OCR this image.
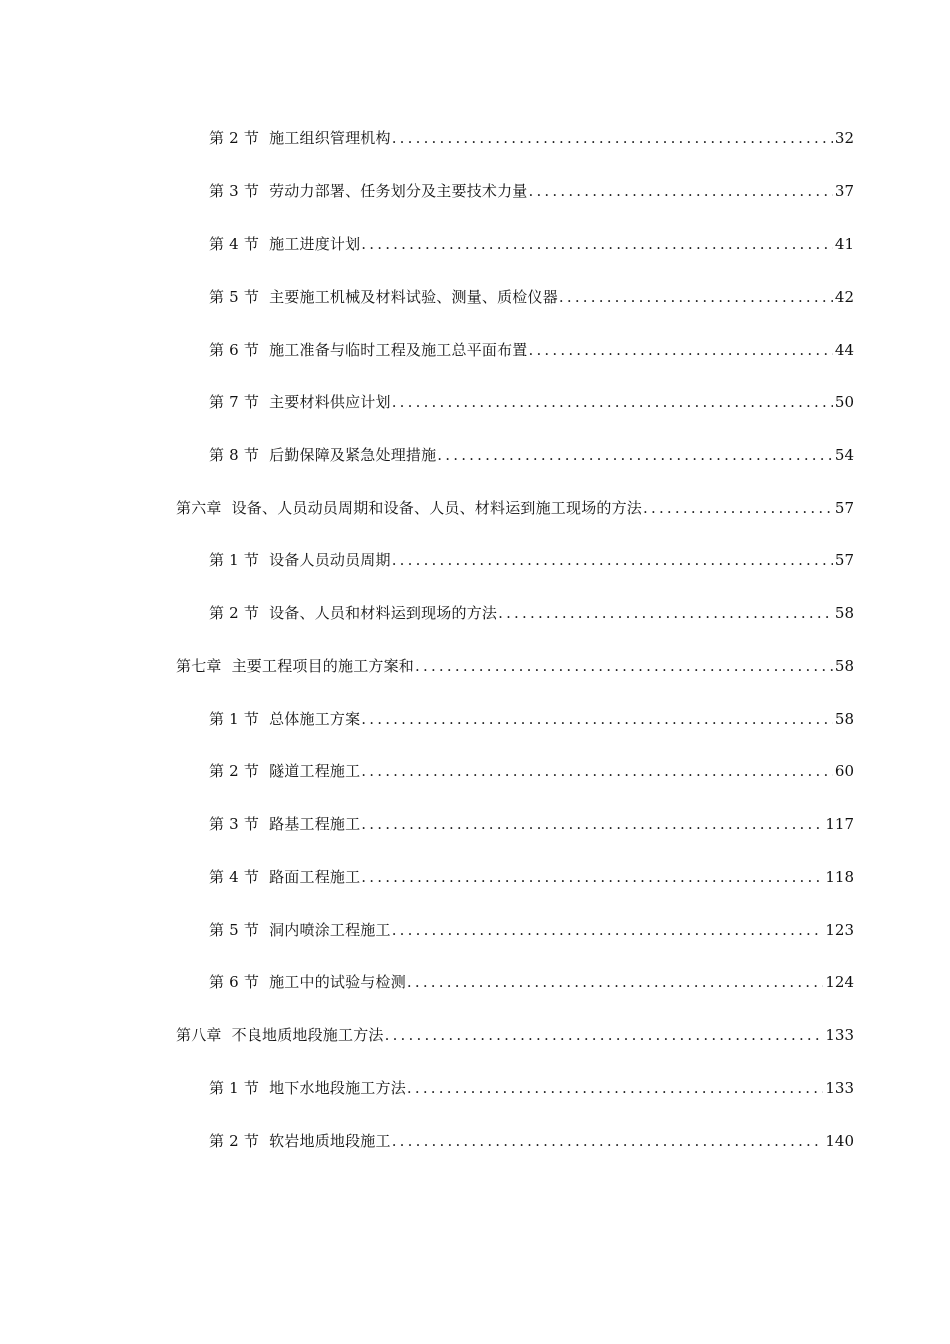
第 2 节 施工组织管理机构 .....	32
第 3 节 劳动力部署、任务划分及主要技术力量 .....	37
第 4 节 施工进度计划 .....	41
第 5 节 主要施工机械及材料试验、测量、质检仪器 .....	42
第 6 节 施工准备与临时工程及施工总平面布置 .....	44
第 7 节 主要材料供应计划 .....	50
第 8 节 后勤保障及紧急处理措施 .....	54
第六章 设备、人员动员周期和设备、人员、材料运到施工现场的方法 .....	57
第 1 节 设备人员动员周期 .....	57
第 2 节 设备、人员和材料运到现场的方法 .....	58
第七章 主要工程项目的施工方案和 .....	58
第 1 节 总体施工方案 .....	58
第 2 节 隧道工程施工 .....	60
第 3 节 路基工程施工 .....	117
第 4 节 路面工程施工 .....	118
第 5 节 洞内喷涂工程施工 .....	123
第 6 节 施工中的试验与检测 .....	124
第八章 不良地质地段施工方法 .....	133
第 1 节 地下水地段施工方法 .....	133
第 2 节 软岩地质地段施工 .....	140
